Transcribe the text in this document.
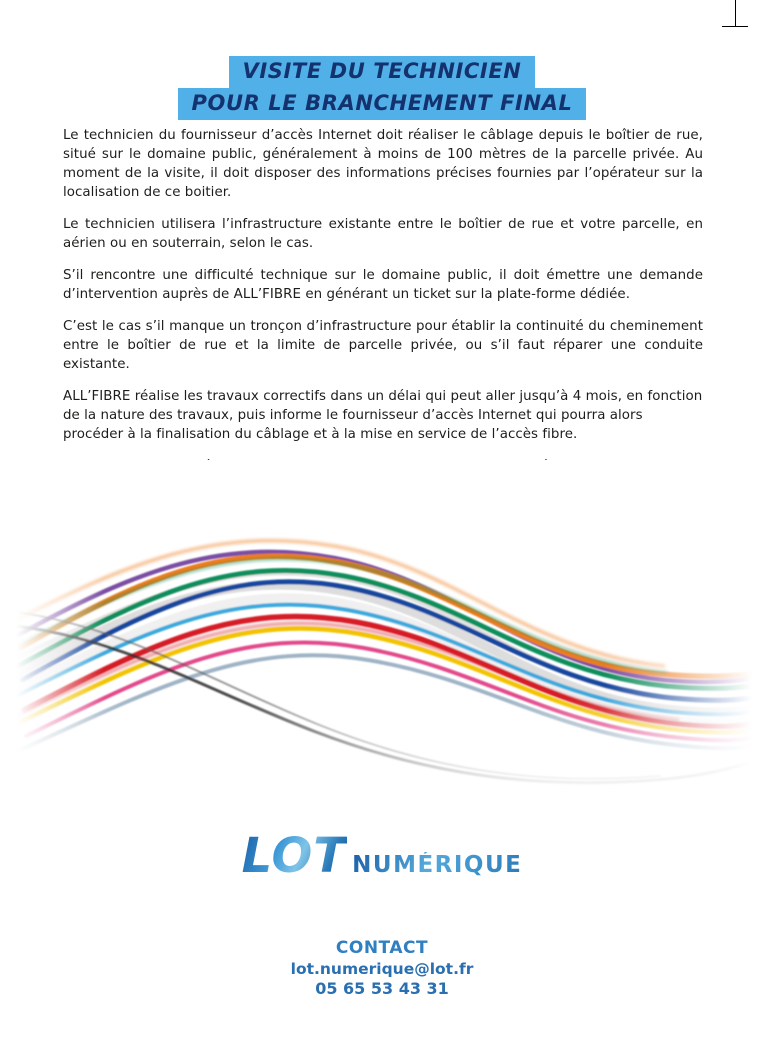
VISITE DU TECHNICIEN
POUR LE BRANCHEMENT FINAL

Le technicien du fournisseur d’accès Internet doit réaliser le câblage depuis le boîtier de rue, situé sur le domaine public, généralement à moins de 100 mètres de la parcelle privée. Au moment de la visite, il doit disposer des informations précises fournies par l’opérateur sur la localisation de ce boitier.

Le technicien utilisera l’infrastructure existante entre le boîtier de rue et votre parcelle, en aérien ou en souterrain, selon le cas.

S’il rencontre une difficulté technique sur le domaine public, il doit émettre une demande d’intervention auprès de ALL’FIBRE en générant un ticket sur la plate-forme dédiée.

C’est le cas s’il manque un tronçon d’infrastructure pour établir la continuité du cheminement entre le boîtier de rue et la limite de parcelle privée, ou s’il faut réparer une conduite existante.

ALL’FIBRE réalise les travaux correctifs dans un délai qui peut aller jusqu’à 4 mois, en fonction de la nature des travaux, puis informe le fournisseur d’accès Internet qui pourra alors procéder à la finalisation du câblage et à la mise en service de l’accès fibre.

LOT NUMÉRIQUE
CONTACT
lot.numerique@lot.fr
05 65 53 43 31
